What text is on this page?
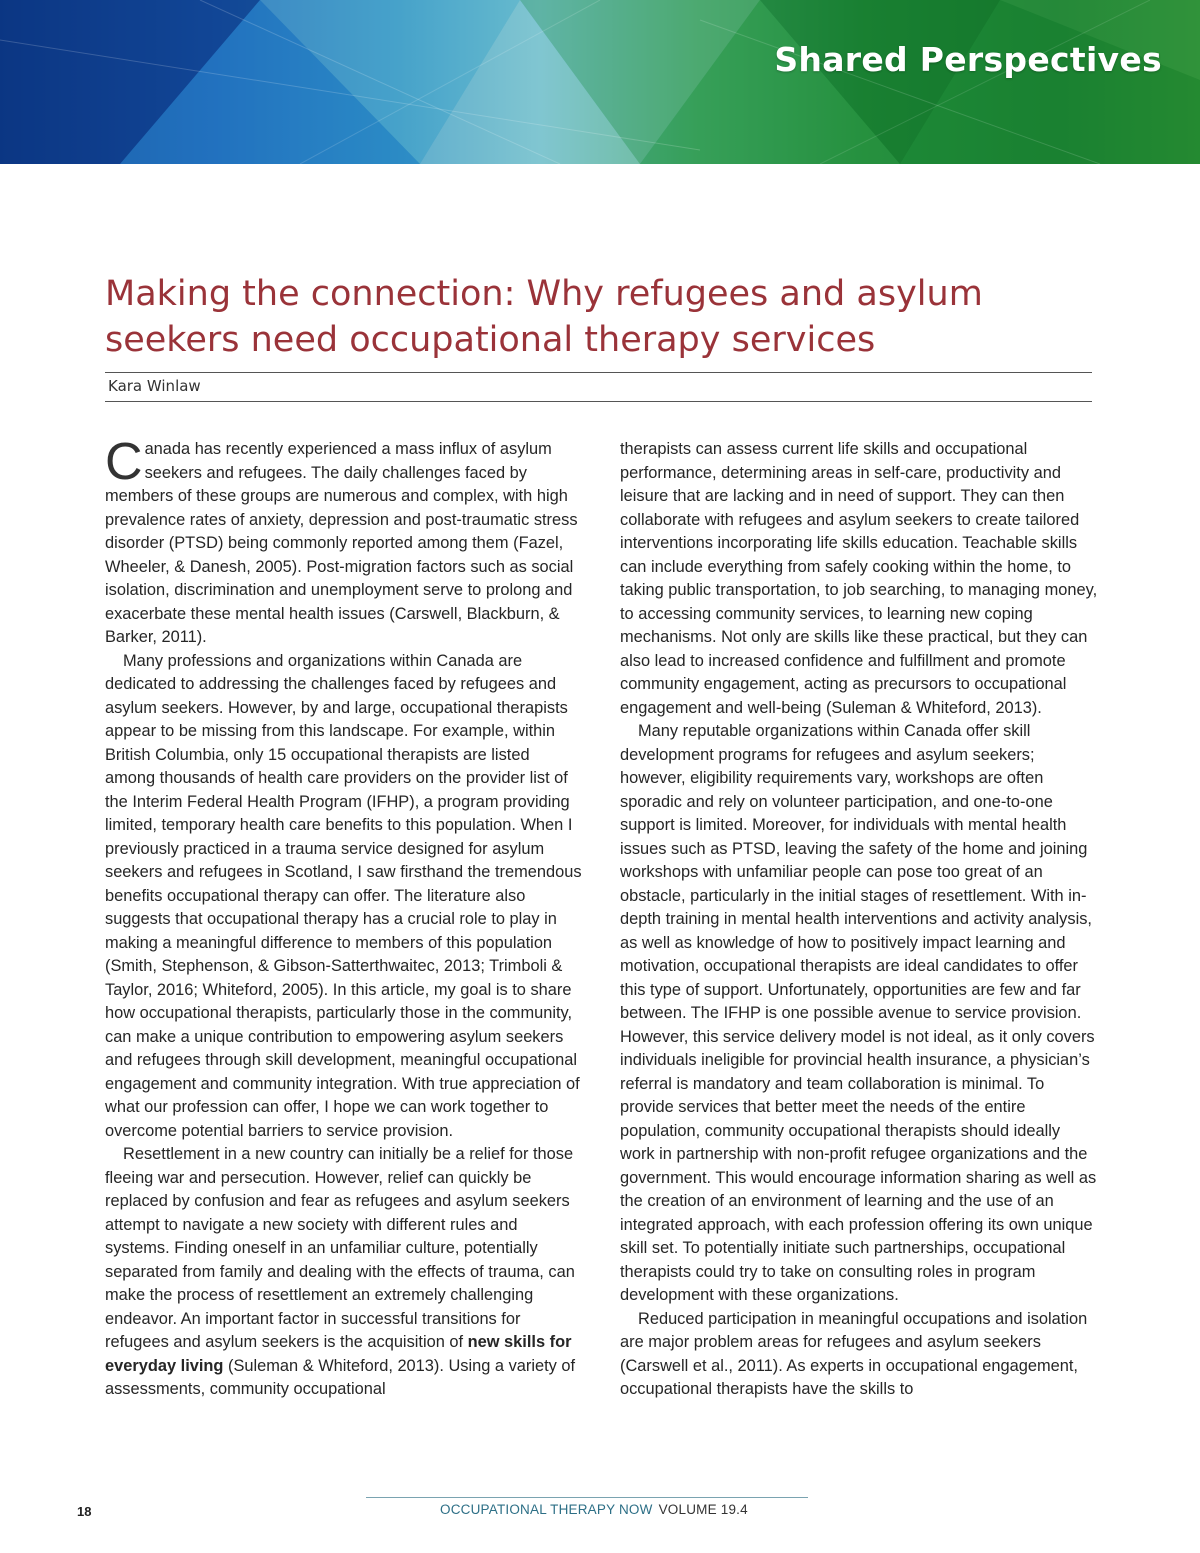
Shared Perspectives
Making the connection: Why refugees and asylum seekers need occupational therapy services
Kara Winlaw

Canada has recently experienced a mass influx of asylum seekers and refugees. The daily challenges faced by members of these groups are numerous and complex, with high prevalence rates of anxiety, depression and post-traumatic stress disorder (PTSD) being commonly reported among them (Fazel, Wheeler, & Danesh, 2005). Post-migration factors such as social isolation, discrimination and unemployment serve to prolong and exacerbate these mental health issues (Carswell, Blackburn, & Barker, 2011).

Many professions and organizations within Canada are dedicated to addressing the challenges faced by refugees and asylum seekers. However, by and large, occupational therapists appear to be missing from this landscape. For example, within British Columbia, only 15 occupational therapists are listed among thousands of health care providers on the provider list of the Interim Federal Health Program (IFHP), a program providing limited, temporary health care benefits to this population. When I previously practiced in a trauma service designed for asylum seekers and refugees in Scotland, I saw firsthand the tremendous benefits occupational therapy can offer. The literature also suggests that occupational therapy has a crucial role to play in making a meaningful difference to members of this population (Smith, Stephenson, & Gibson-Satterthwaitec, 2013; Trimboli & Taylor, 2016; Whiteford, 2005). In this article, my goal is to share how occupational therapists, particularly those in the community, can make a unique contribution to empowering asylum seekers and refugees through skill development, meaningful occupational engagement and community integration. With true appreciation of what our profession can offer, I hope we can work together to overcome potential barriers to service provision.

Resettlement in a new country can initially be a relief for those fleeing war and persecution. However, relief can quickly be replaced by confusion and fear as refugees and asylum seekers attempt to navigate a new society with different rules and systems. Finding oneself in an unfamiliar culture, potentially separated from family and dealing with the effects of trauma, can make the process of resettlement an extremely challenging endeavor. An important factor in successful transitions for refugees and asylum seekers is the acquisition of new skills for everyday living (Suleman & Whiteford, 2013). Using a variety of assessments, community occupational

therapists can assess current life skills and occupational performance, determining areas in self-care, productivity and leisure that are lacking and in need of support. They can then collaborate with refugees and asylum seekers to create tailored interventions incorporating life skills education. Teachable skills can include everything from safely cooking within the home, to taking public transportation, to job searching, to managing money, to accessing community services, to learning new coping mechanisms. Not only are skills like these practical, but they can also lead to increased confidence and fulfillment and promote community engagement, acting as precursors to occupational engagement and well-being (Suleman & Whiteford, 2013).

Many reputable organizations within Canada offer skill development programs for refugees and asylum seekers; however, eligibility requirements vary, workshops are often sporadic and rely on volunteer participation, and one-to-one support is limited. Moreover, for individuals with mental health issues such as PTSD, leaving the safety of the home and joining workshops with unfamiliar people can pose too great of an obstacle, particularly in the initial stages of resettlement. With in-depth training in mental health interventions and activity analysis, as well as knowledge of how to positively impact learning and motivation, occupational therapists are ideal candidates to offer this type of support. Unfortunately, opportunities are few and far between. The IFHP is one possible avenue to service provision. However, this service delivery model is not ideal, as it only covers individuals ineligible for provincial health insurance, a physician’s referral is mandatory and team collaboration is minimal. To provide services that better meet the needs of the entire population, community occupational therapists should ideally work in partnership with non-profit refugee organizations and the government. This would encourage information sharing as well as the creation of an environment of learning and the use of an integrated approach, with each profession offering its own unique skill set. To potentially initiate such partnerships, occupational therapists could try to take on consulting roles in program development with these organizations.

Reduced participation in meaningful occupations and isolation are major problem areas for refugees and asylum seekers (Carswell et al., 2011). As experts in occupational engagement, occupational therapists have the skills to

18	OCCUPATIONAL THERAPY NOW VOLUME 19.4
